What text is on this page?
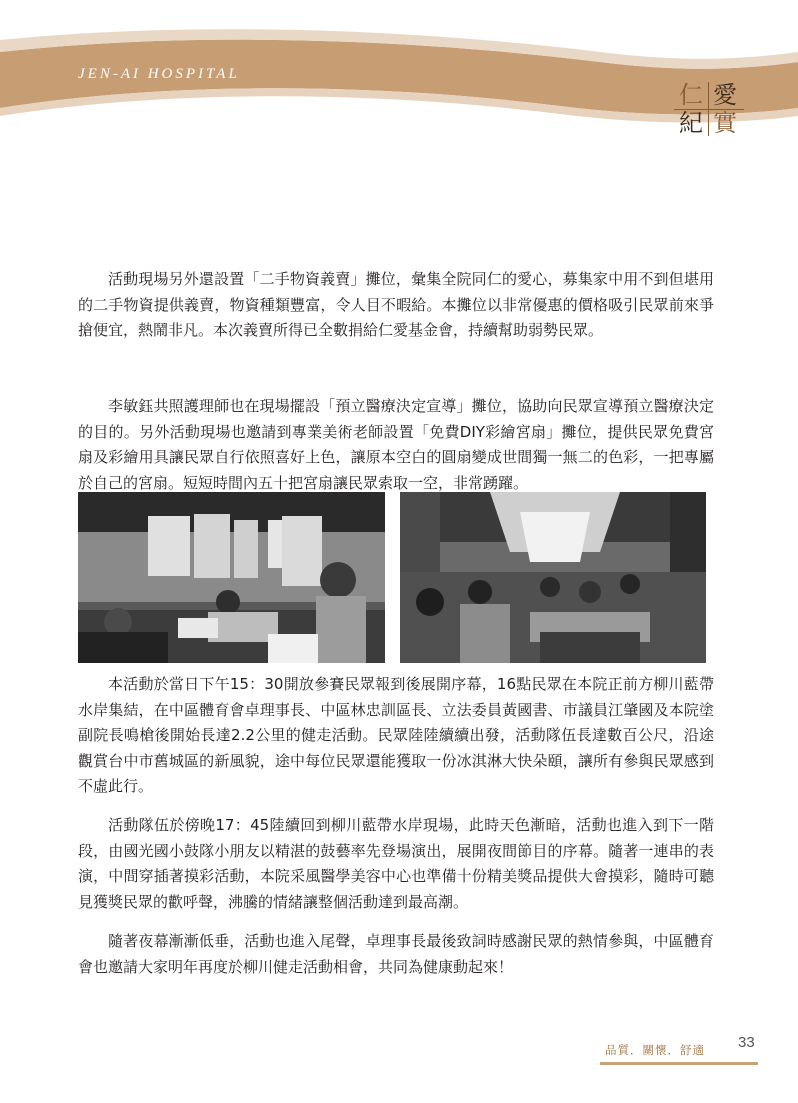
JEN-AI HOSPITAL
仁 愛
紀 實

活動現場另外還設置「二手物資義賣」攤位，彙集全院同仁的愛心，募集家中用不到但堪用的二手物資提供義賣，物資種類豐富，令人目不暇給。本攤位以非常優惠的價格吸引民眾前來爭搶便宜，熱鬧非凡。本次義賣所得已全數捐給仁愛基金會，持續幫助弱勢民眾。

李敏鈺共照護理師也在現場擺設「預立醫療決定宣導」攤位，協助向民眾宣導預立醫療決定的目的。另外活動現場也邀請到專業美術老師設置「免費DIY彩繪宮扇」攤位，提供民眾免費宮扇及彩繪用具讓民眾自行依照喜好上色，讓原本空白的圓扇變成世間獨一無二的色彩，一把專屬於自己的宮扇。短短時間內五十把宮扇讓民眾索取一空，非常踴躍。

本活動於當日下午15：30開放參賽民眾報到後展開序幕，16點民眾在本院正前方柳川藍帶水岸集結，在中區體育會卓理事長、中區林忠訓區長、立法委員黃國書、市議員江肇國及本院塗副院長鳴槍後開始長達2.2公里的健走活動。民眾陸陸續續出發，活動隊伍長達數百公尺，沿途觀賞台中市舊城區的新風貌，途中每位民眾還能獲取一份冰淇淋大快朵頤，讓所有參與民眾感到不虛此行。

活動隊伍於傍晚17：45陸續回到柳川藍帶水岸現場，此時天色漸暗，活動也進入到下一階段，由國光國小鼓隊小朋友以精湛的鼓藝率先登場演出，展開夜間節目的序幕。隨著一連串的表演，中間穿插著摸彩活動，本院采風醫學美容中心也準備十份精美獎品提供大會摸彩，隨時可聽見獲獎民眾的歡呼聲，沸騰的情緒讓整個活動達到最高潮。

隨著夜幕漸漸低垂，活動也進入尾聲，卓理事長最後致詞時感謝民眾的熱情參與，中區體育會也邀請大家明年再度於柳川健走活動相會，共同為健康動起來！

品質．關懷．舒適 33
